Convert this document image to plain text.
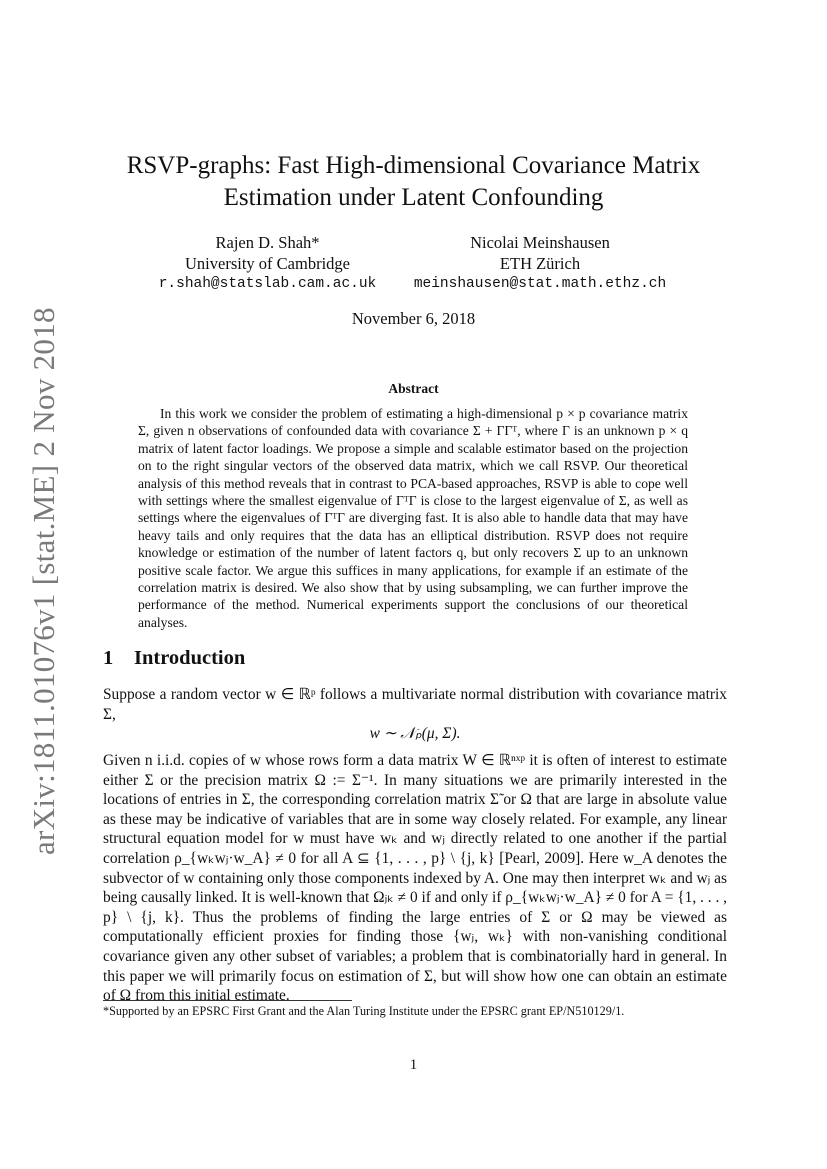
arXiv:1811.01076v1 [stat.ME] 2 Nov 2018
RSVP-graphs: Fast High-dimensional Covariance Matrix Estimation under Latent Confounding
Rajen D. Shah*
University of Cambridge
r.shah@statslab.cam.ac.uk
Nicolai Meinshausen
ETH Zürich
meinshausen@stat.math.ethz.ch
November 6, 2018
Abstract
In this work we consider the problem of estimating a high-dimensional p × p covariance matrix Σ, given n observations of confounded data with covariance Σ + ΓΓᵀ, where Γ is an unknown p × q matrix of latent factor loadings. We propose a simple and scalable estimator based on the projection on to the right singular vectors of the observed data matrix, which we call RSVP. Our theoretical analysis of this method reveals that in contrast to PCA-based approaches, RSVP is able to cope well with settings where the smallest eigenvalue of ΓᵀΓ is close to the largest eigenvalue of Σ, as well as settings where the eigenvalues of ΓᵀΓ are diverging fast. It is also able to handle data that may have heavy tails and only requires that the data has an elliptical distribution. RSVP does not require knowledge or estimation of the number of latent factors q, but only recovers Σ up to an unknown positive scale factor. We argue this suffices in many applications, for example if an estimate of the correlation matrix is desired. We also show that by using subsampling, we can further improve the performance of the method. Numerical experiments support the conclusions of our theoretical analyses.
1 Introduction
Suppose a random vector w ∈ ℝᵖ follows a multivariate normal distribution with covariance matrix Σ,
w ∼ 𝒩ₚ(μ, Σ).
Given n i.i.d. copies of w whose rows form a data matrix W ∈ ℝⁿˣᵖ it is often of interest to estimate either Σ or the precision matrix Ω := Σ⁻¹. In many situations we are primarily interested in the locations of entries in Σ, the corresponding correlation matrix Σ̃ or Ω that are large in absolute value as these may be indicative of variables that are in some way closely related. For example, any linear structural equation model for w must have wₖ and wⱼ directly related to one another if the partial correlation ρ_{wₖwⱼ·w_A} ≠ 0 for all A ⊆ {1, . . . , p} \ {j, k} [Pearl, 2009]. Here w_A denotes the subvector of w containing only those components indexed by A. One may then interpret wₖ and wⱼ as being causally linked. It is well-known that Ωⱼₖ ≠ 0 if and only if ρ_{wₖwⱼ·w_A} ≠ 0 for A = {1, . . . , p} \ {j, k}. Thus the problems of finding the large entries of Σ or Ω may be viewed as computationally efficient proxies for finding those {wⱼ, wₖ} with non-vanishing conditional covariance given any other subset of variables; a problem that is combinatorially hard in general. In this paper we will primarily focus on estimation of Σ, but will show how one can obtain an estimate of Ω from this initial estimate.
*Supported by an EPSRC First Grant and the Alan Turing Institute under the EPSRC grant EP/N510129/1.
1
